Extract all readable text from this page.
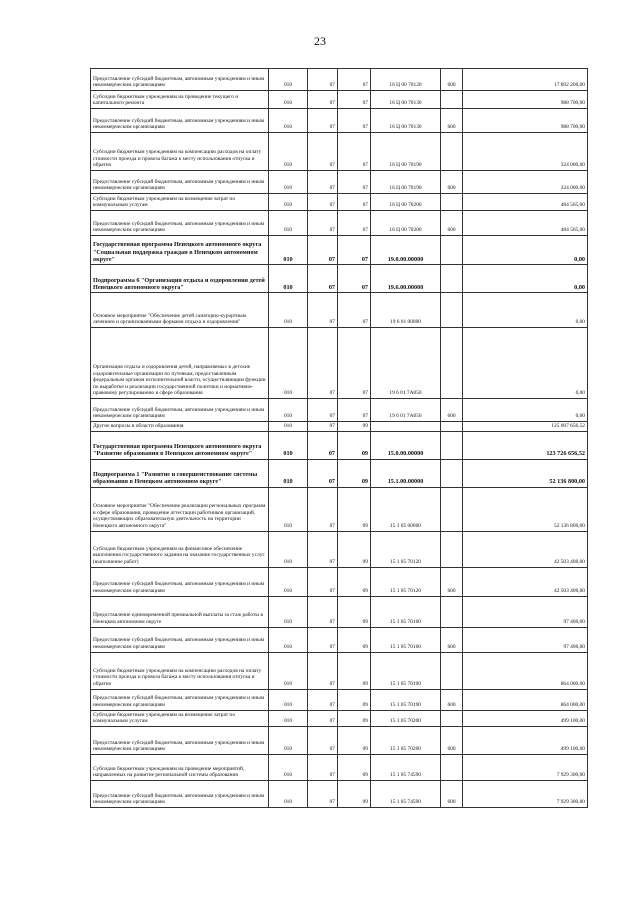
23
Предоставление субсидий бюджетным, автономным учреждениям и иным некоммерческим организациям	010	07	07	16 Ц 00 70120	600	17 892 200,00
Субсидии бюджетным учреждениям на проведение текущего и капитального ремонта	010	07	07	16 Ц 00 70130		988 700,00
Предоставление субсидий бюджетным, автономным учреждениям и иным некоммерческим организациям	010	07	07	16 Ц 00 70130	600	988 700,00
Субсидии бюджетным учреждениям на компенсацию расходов на оплату стоимости проезда и провоза багажа к месту использования отпуска и обратно	010	07	07	16 Ц 00 70190		324 000,00
Предоставление субсидий бюджетным, автономным учреждениям и иным некоммерческим организациям	010	07	07	16 Ц 00 70190	600	324 000,00
Субсидии бюджетным учреждениям на возмещение затрат по коммунальным услугам	010	07	07	16 Ц 00 70200		484 565,00
Предоставление субсидий бюджетным, автономным учреждениям и иным некоммерческим организациям	010	07	07	16 Ц 00 70200	600	484 565,00
Государственная программа Ненецкого автономного округа "Социальная поддержка граждан в Ненецком автономном округе"	010	07	07	19.0.00.00000		0,00
Подпрограмма 6 "Организация отдыха и оздоровления детей Ненецкого автономного округа"	010	07	07	19.6.00.00000		0,00
Основное мероприятие "Обеспечение детей санаторно-курортным лечением и организованными формами отдыха и оздоровления"	010	07	07	19 6 01 00000		0,00
Организация отдыха и оздоровления детей, направляемых в детские оздоровительные организации по путевкам, предоставленным федеральным органом исполнительной власти, осуществляющим функции по выработке и реализации государственной политики и нормативно-правовому регулированию в сфере образования	010	07	07	19 6 01 7А050		0,00
Предоставление субсидий бюджетным, автономным учреждениям и иным некоммерческим организациям	010	07	07	19 6 01 7А050	600	0,00
Другие вопросы в области образования	010	07	09			125 007 656,52
Государственная программа Ненецкого автономного округа "Развитие образования в Ненецком автономном округе"	010	07	09	15.0.00.00000		123 726 656,52
Подпрограмма 1 "Развитие и совершенствование системы образования в Ненецком автономном округе"	010	07	09	15.1.00.00000		52 136 800,00
Основное мероприятие "Обеспечение реализации региональных программ в сфере образования, проведение аттестации работников организаций, осуществляющих образовательную деятельность на территории Ненецкого автономного округа"	010	07	09	15 1 05 00000		52 136 800,00
Субсидии бюджетным учреждениям на финансовое обеспечение выполнения государственного задания на оказание государственных услуг (выполнение работ)	010	07	09	15 1 05 70120		42 503 400,00
Предоставление субсидий бюджетным, автономным учреждениям и иным некоммерческим организациям	010	07	09	15 1 05 70120	600	42 503 400,00
Предоставление единовременной премиальной выплаты за стаж работы в Ненецком автономном округе	010	07	09	15 1 05 70160		97 400,00
Предоставление субсидий бюджетным, автономным учреждениям и иным некоммерческим организациям	010	07	09	15 1 05 70160	600	97 400,00
Субсидии бюджетным учреждениям на компенсацию расходов на оплату стоимости проезда и провоза багажа к месту использования отпуска и обратно	010	07	09	15 1 05 70190		864 000,00
Предоставление субсидий бюджетным, автономным учреждениям и иным некоммерческим организациям	010	07	09	15 1 05 70190	600	864 000,00
Субсидии бюджетным учреждениям на возмещение затрат по коммунальным услугам	010	07	09	15 1 05 70200		499 100,00
Предоставление субсидий бюджетным, автономным учреждениям и иным некоммерческим организациям	010	07	09	15 1 05 70200	600	499 100,00
Субсидии бюджетным учреждениям на проведение мероприятий, направленных на развитие региональной системы образования	010	07	09	15 1 05 74590		7 929 300,00
Предоставление субсидий бюджетным, автономным учреждениям и иным некоммерческим организациям	010	07	09	15 1 05 74590	600	7 929 300,00
